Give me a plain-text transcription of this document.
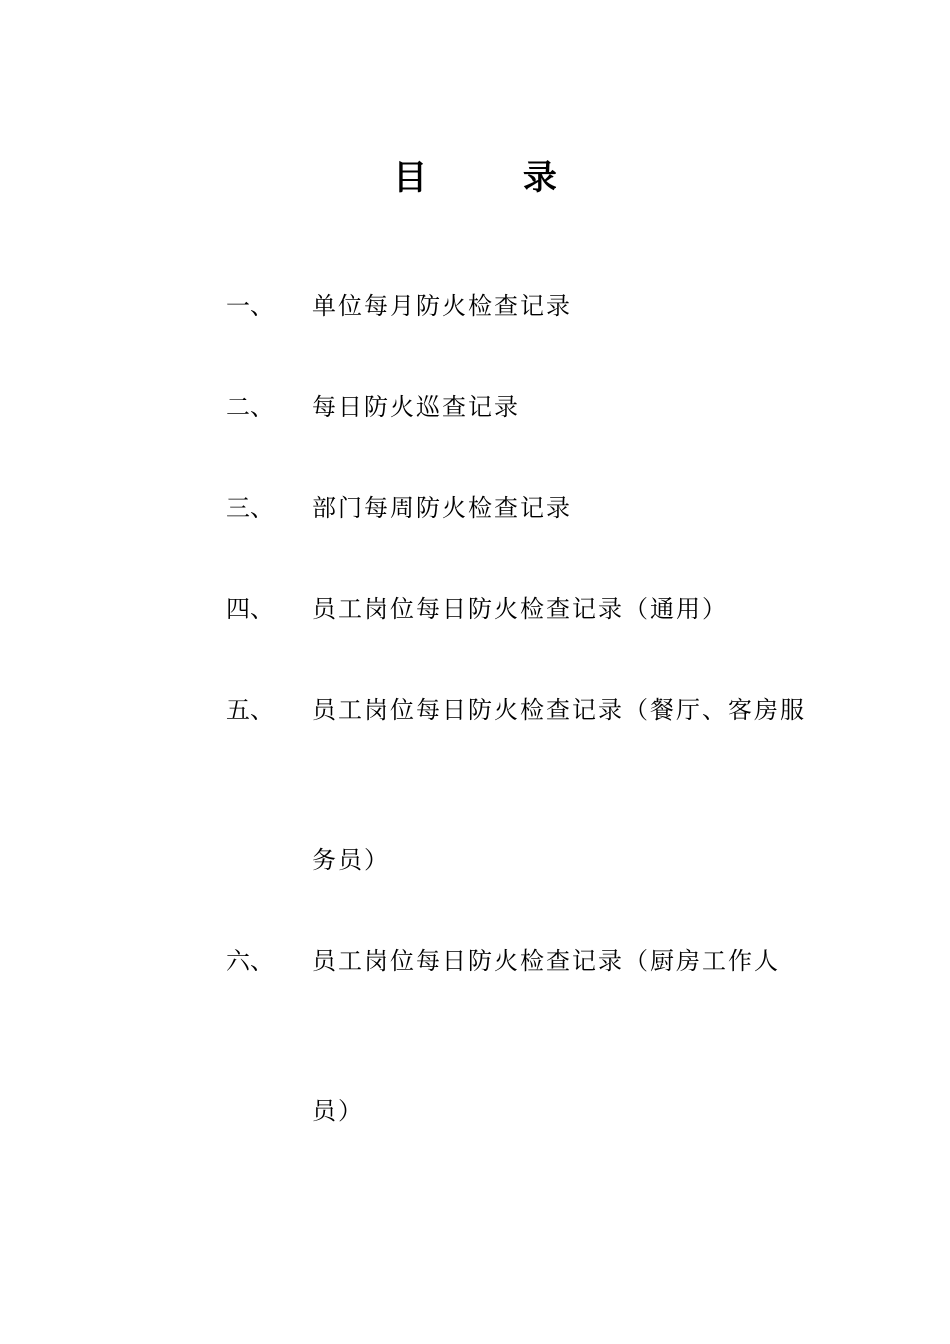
目 录
一、 单位每月防火检查记录
二、 每日防火巡查记录
三、 部门每周防火检查记录
四、 员工岗位每日防火检查记录（通用）
五、 员工岗位每日防火检查记录（餐厅、客房服
务员）
六、 员工岗位每日防火检查记录（厨房工作人
员）
